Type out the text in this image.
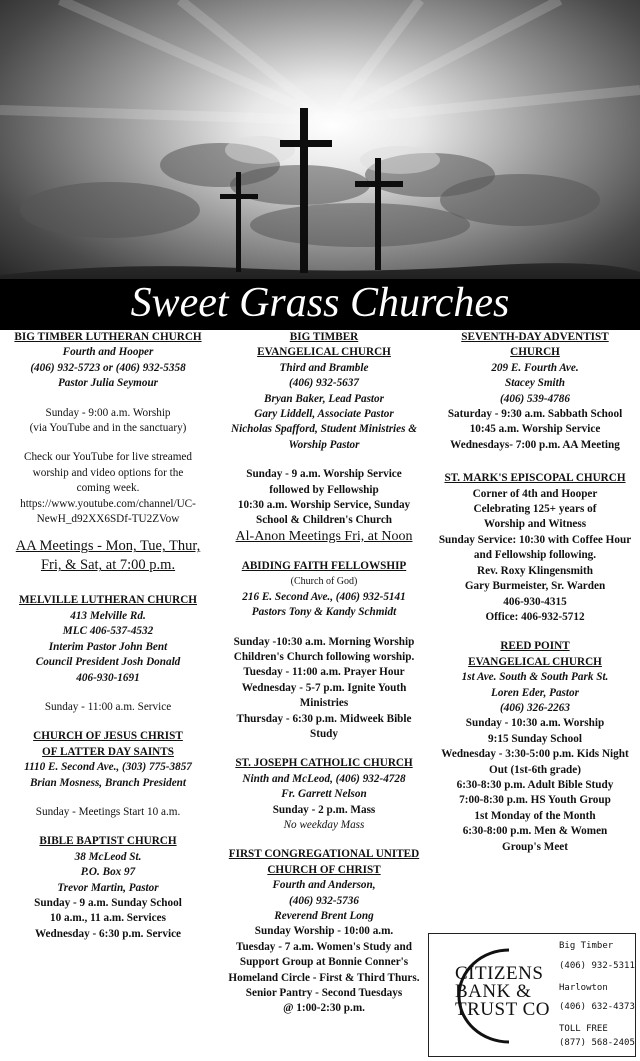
Sweet Grass Churches

BIG TIMBER LUTHERAN CHURCH

Fourth and Hooper

(406) 932-5723 or (406) 932-5358

Pastor Julia Seymour

Sunday - 9:00 a.m. Worship

(via YouTube and in the sanctuary)

Check our YouTube for live streamed

worship and video options for the

coming week.

https://www.youtube.com/channel/UC-

NewH_d92XX6SDf-TU2ZVow

AA Meetings - Mon, Tue, Thur,

Fri, & Sat, at 7:00 p.m.

MELVILLE LUTHERAN CHURCH

413 Melville Rd.

MLC 406-537-4532

Interim Pastor John Bent

Council President Josh Donald

406-930-1691

Sunday - 11:00 a.m. Service

CHURCH OF JESUS CHRIST

OF LATTER DAY SAINTS

1110 E. Second Ave., (303) 775-3857

Brian Mosness, Branch President

Sunday - Meetings Start 10 a.m.

BIBLE BAPTIST CHURCH

38 McLeod St.

P.O. Box 97

Trevor Martin, Pastor

Sunday - 9 a.m. Sunday School

10 a.m., 11 a.m. Services

Wednesday - 6:30 p.m. Service

BIG TIMBER

EVANGELICAL CHURCH

Third and Bramble

(406) 932-5637

Bryan Baker, Lead Pastor

Gary Liddell, Associate Pastor

Nicholas Spafford, Student Ministries &

Worship Pastor

Sunday - 9 a.m. Worship Service

followed by Fellowship

10:30 a.m. Worship Service, Sunday

School & Children's Church

Al-Anon Meetings Fri, at Noon

ABIDING FAITH FELLOWSHIP

(Church of God)

216 E. Second Ave., (406) 932-5141

Pastors Tony & Kandy Schmidt

Sunday -10:30 a.m. Morning Worship

Children's Church following worship.

Tuesday - 11:00 a.m. Prayer Hour

Wednesday - 5-7 p.m. Ignite Youth

Ministries

Thursday - 6:30 p.m. Midweek Bible

Study

ST. JOSEPH CATHOLIC CHURCH

Ninth and McLeod, (406) 932-4728

Fr. Garrett Nelson

Sunday - 2 p.m. Mass

No weekday Mass

FIRST CONGREGATIONAL UNITED

CHURCH OF CHRIST

Fourth and Anderson,

(406) 932-5736

Reverend Brent Long

Sunday Worship - 10:00 a.m.

Tuesday - 7 a.m. Women's Study and

Support Group at Bonnie Conner's

Homeland Circle - First & Third Thurs.

Senior Pantry - Second Tuesdays

@ 1:00-2:30 p.m.

SEVENTH-DAY ADVENTIST

CHURCH

209 E. Fourth Ave.

Stacey Smith

(406) 539-4786

Saturday - 9:30 a.m. Sabbath School

10:45 a.m. Worship Service

Wednesdays- 7:00 p.m. AA Meeting

ST. MARK'S EPISCOPAL CHURCH

Corner of 4th and Hooper

Celebrating 125+ years of

Worship and Witness

Sunday Service: 10:30 with Coffee Hour

and Fellowship following.

Rev. Roxy Klingensmith

Gary Burmeister, Sr. Warden

406-930-4315

Office: 406-932-5712

REED POINT

EVANGELICAL CHURCH

1st Ave. South & South Park St.

Loren Eder, Pastor

(406) 326-2263

Sunday - 10:30 a.m. Worship

9:15 Sunday School

Wednesday - 3:30-5:00 p.m. Kids Night

Out (1st-6th grade)

6:30-8:30 p.m. Adult Bible Study

7:00-8:30 p.m. HS Youth Group

1st Monday of the Month

6:30-8:00 p.m. Men & Women

Group's Meet

CITIZENS
BANK &
TRUST CO
Big Timber
(406) 932-5311
Harlowton
(406) 632-4373
TOLL FREE
(877) 568-2405
